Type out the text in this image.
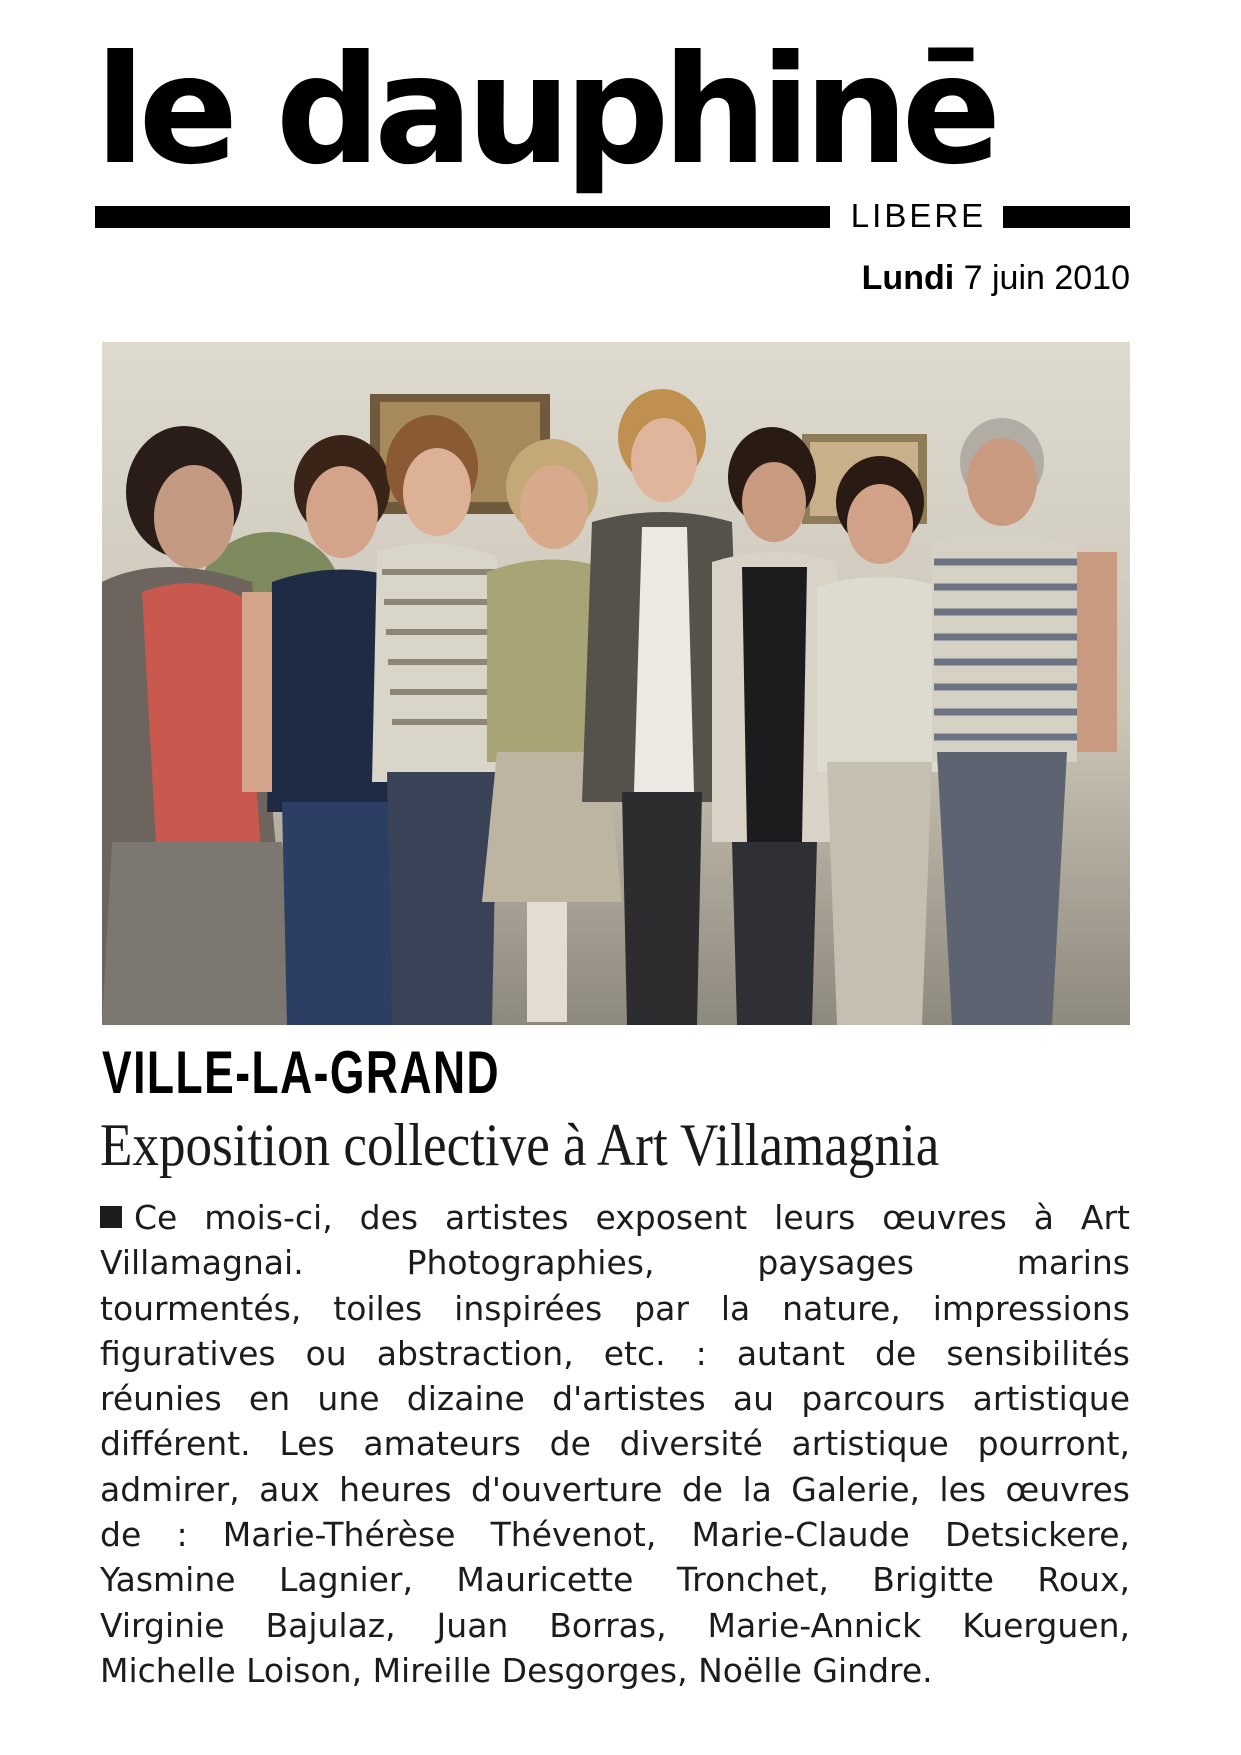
le dauphinē
LIBERE
Lundi 7 juin 2010
VILLE-LA-GRAND
Exposition collective à Art Villamagnia
Ce mois-ci, des artistes exposent leurs œuvres à Art
Villamagnai. Photographies, paysages marins
tourmentés, toiles inspirées par la nature, impressions
figuratives ou abstraction, etc. : autant de sensibilités
réunies en une dizaine d'artistes au parcours artistique
différent. Les amateurs de diversité artistique pourront,
admirer, aux heures d'ouverture de la Galerie, les œuvres
de : Marie-Thérèse Thévenot, Marie-Claude Detsickere,
Yasmine Lagnier, Mauricette Tronchet, Brigitte Roux,
Virginie Bajulaz, Juan Borras, Marie-Annick Kuerguen,
Michelle Loison, Mireille Desgorges, Noëlle Gindre.
